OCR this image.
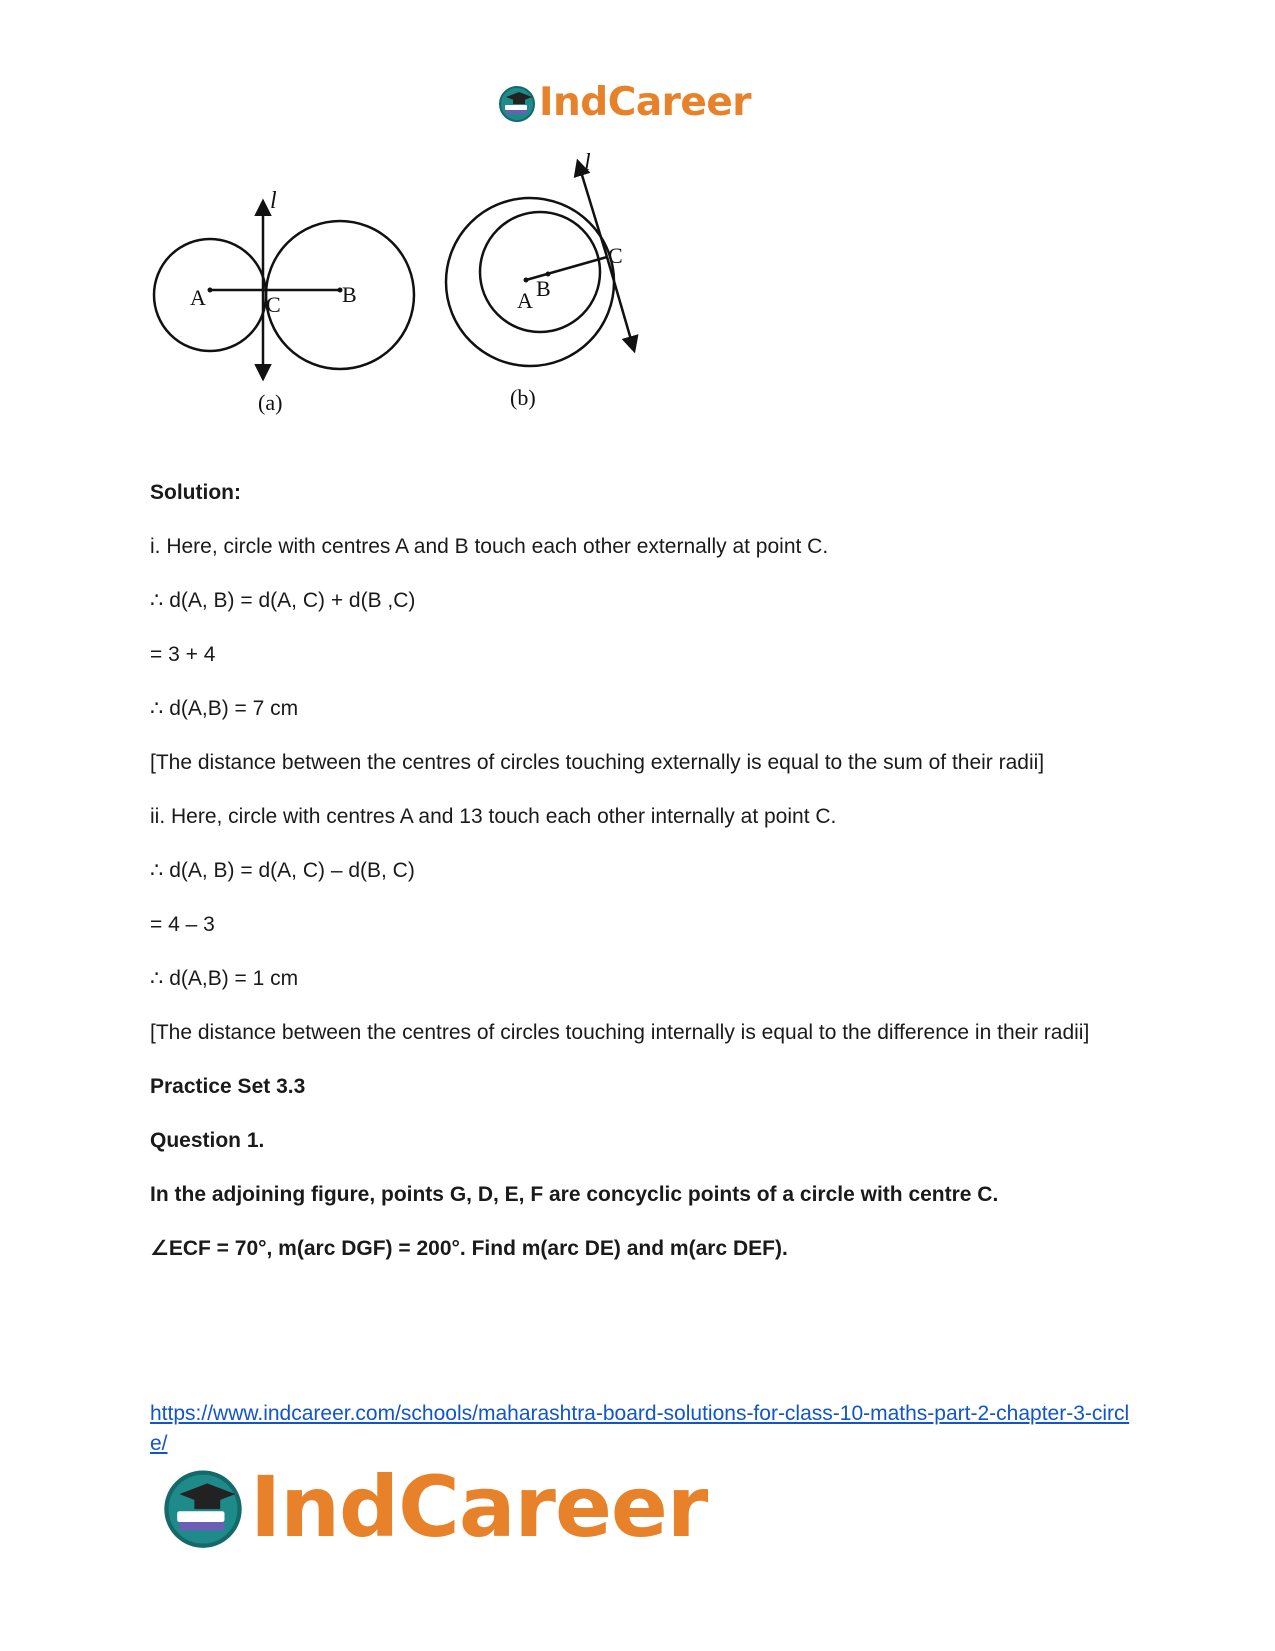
IndCareer
l
A	C	B
(a)
l
A B
C
(b)

Solution:

i. Here, circle with centres A and B touch each other externally at point C.

∴ d(A, B) = d(A, C) + d(B ,C)

= 3 + 4

∴ d(A,B) = 7 cm

[The distance between the centres of circles touching externally is equal to the sum of their radii]

ii. Here, circle with centres A and 13 touch each other internally at point C.

∴ d(A, B) = d(A, C) – d(B, C)

= 4 – 3

∴ d(A,B) = 1 cm

[The distance between the centres of circles touching internally is equal to the difference in their radii]

Practice Set 3.3

Question 1.

In the adjoining figure, points G, D, E, F are concyclic points of a circle with centre C.

∠ECF = 70°, m(arc DGF) = 200°. Find m(arc DE) and m(arc DEF).

https://www.indcareer.com/schools/maharashtra-board-solutions-for-class-10-maths-part-2-chapter-3-circle/
IndCareer
